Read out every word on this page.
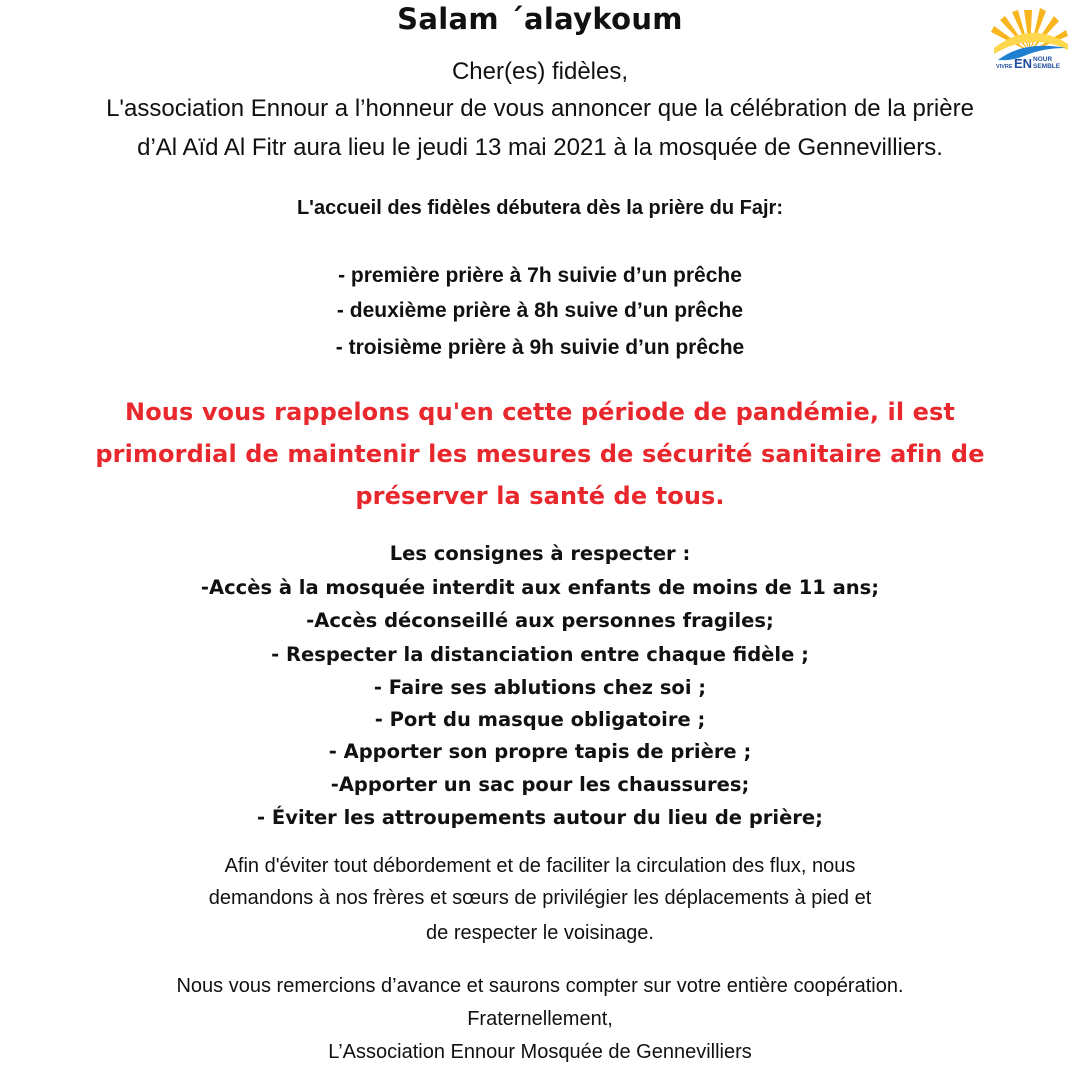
EN NOUR
SEMBLE
VIVRE
Salam ´alaykoum

Cher(es) fidèles,

L'association Ennour a l’honneur de vous annoncer que la célébration de la prière

d’Al Aïd Al Fitr aura lieu le jeudi 13 mai 2021 à la mosquée de Gennevilliers.

L'accueil des fidèles débutera dès la prière du Fajr:

- première prière à 7h suivie d’un prêche

- deuxième prière à 8h suive d’un prêche

- troisième prière à 9h suivie d’un prêche

Nous vous rappelons qu'en cette période de pandémie, il est

primordial de maintenir les mesures de sécurité sanitaire afin de

préserver la santé de tous.

Les consignes à respecter :

-Accès à la mosquée interdit aux enfants de moins de 11 ans;

-Accès déconseillé aux personnes fragiles;

- Respecter la distanciation entre chaque fidèle ;

- Faire ses ablutions chez soi ;

- Port du masque obligatoire ;

- Apporter son propre tapis de prière ;

-Apporter un sac pour les chaussures;

- Éviter les attroupements autour du lieu de prière;

Afin d'éviter tout débordement et de faciliter la circulation des flux, nous

demandons à nos frères et sœurs de privilégier les déplacements à pied et

de respecter le voisinage.

Nous vous remercions d’avance et saurons compter sur votre entière coopération.

Fraternellement,

L’Association Ennour Mosquée de Gennevilliers
